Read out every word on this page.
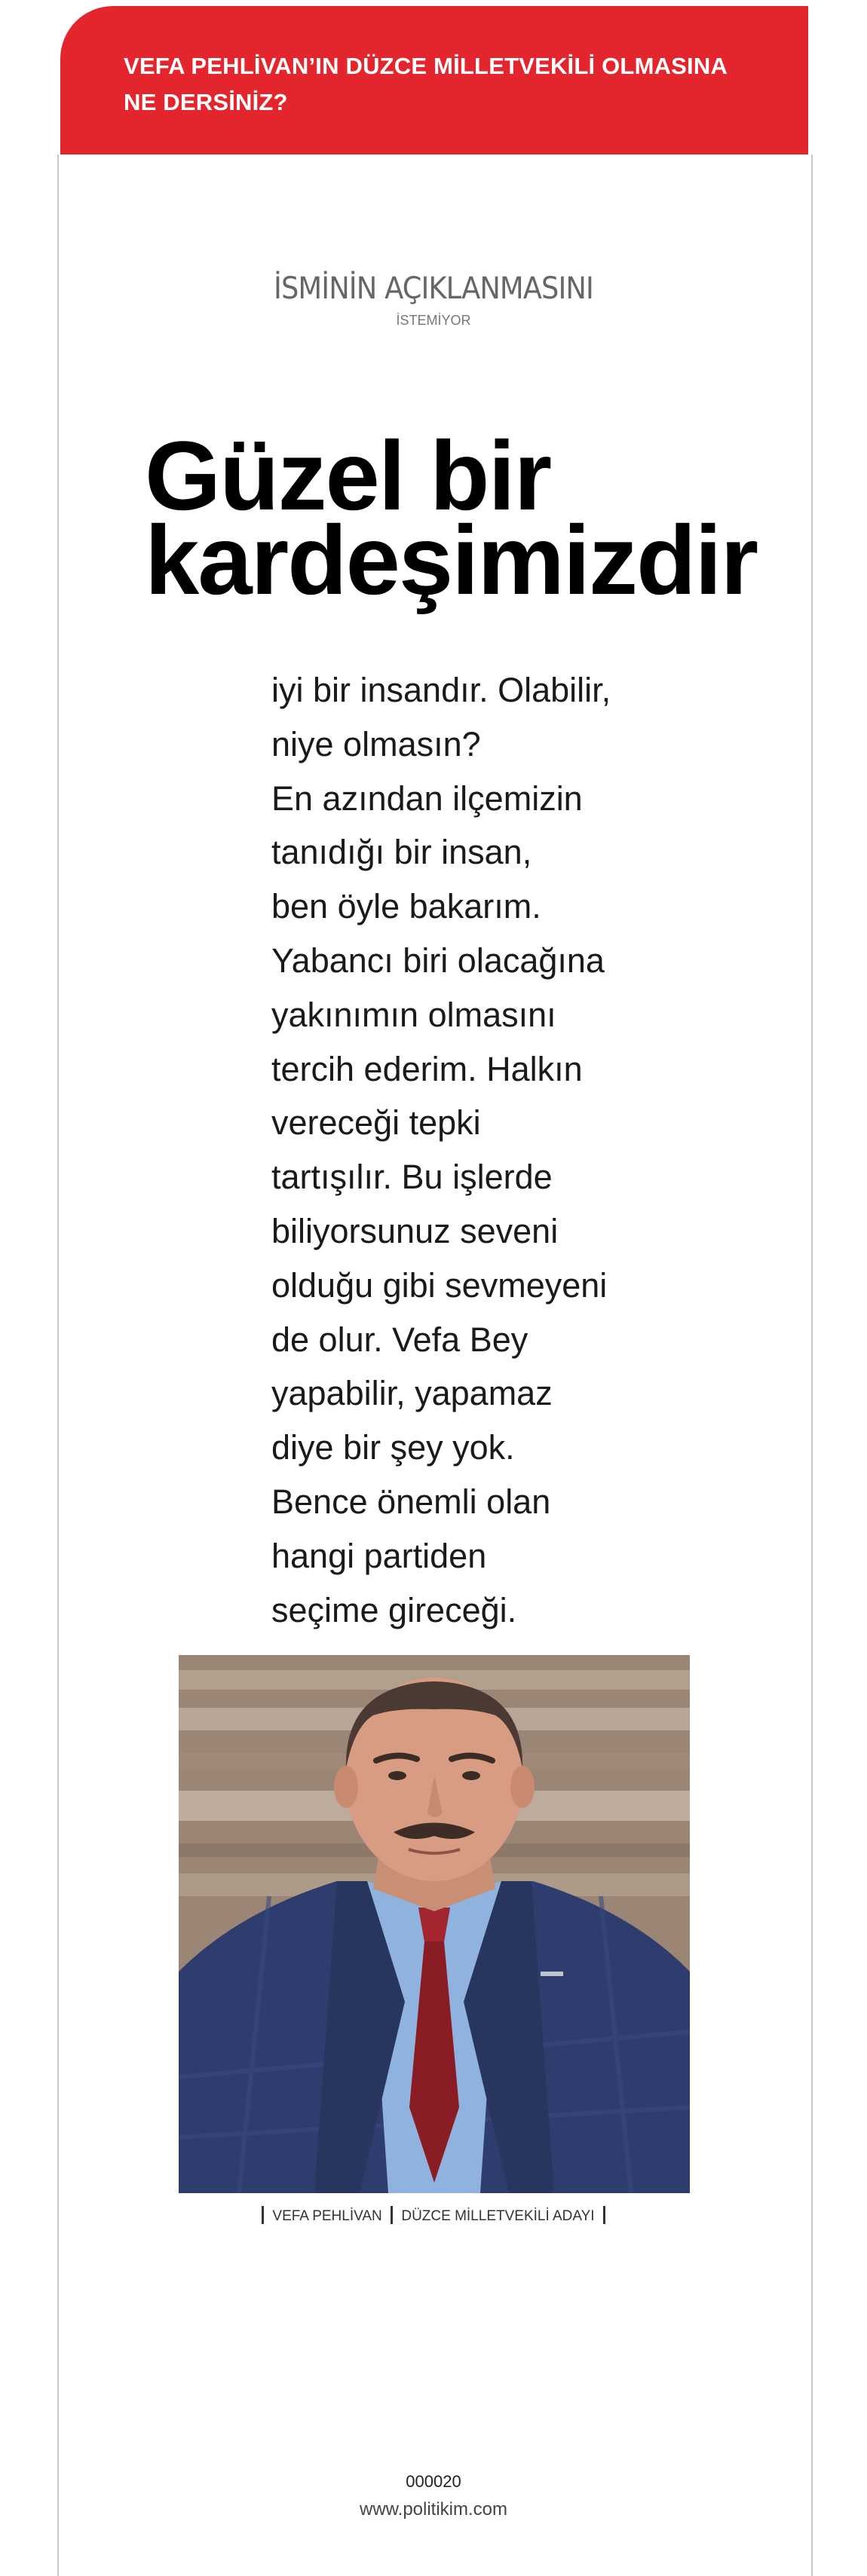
VEFA PEHLİVAN’IN DÜZCE MİLLETVEKİLİ OLMASINA
NE DERSİNİZ?

İSMİNİN AÇIKLANMASINI
İSTEMİYOR
Güzel bir
kardeşimizdir
iyi bir insandır. Olabilir,
niye olmasın?
En azından ilçemizin
tanıdığı bir insan,
ben öyle bakarım.
Yabancı biri olacağına
yakınımın olmasını
tercih ederim. Halkın
vereceği tepki
tartışılır. Bu işlerde
biliyorsunuz seveni
olduğu gibi sevmeyeni
de olur. Vefa Bey
yapabilir, yapamaz
diye bir şey yok.
Bence önemli olan
hangi partiden
seçime gireceği.
VEFA PEHLİVAN DÜZCE MİLLETVEKİLİ ADAYI
000020
www.politikim.com
